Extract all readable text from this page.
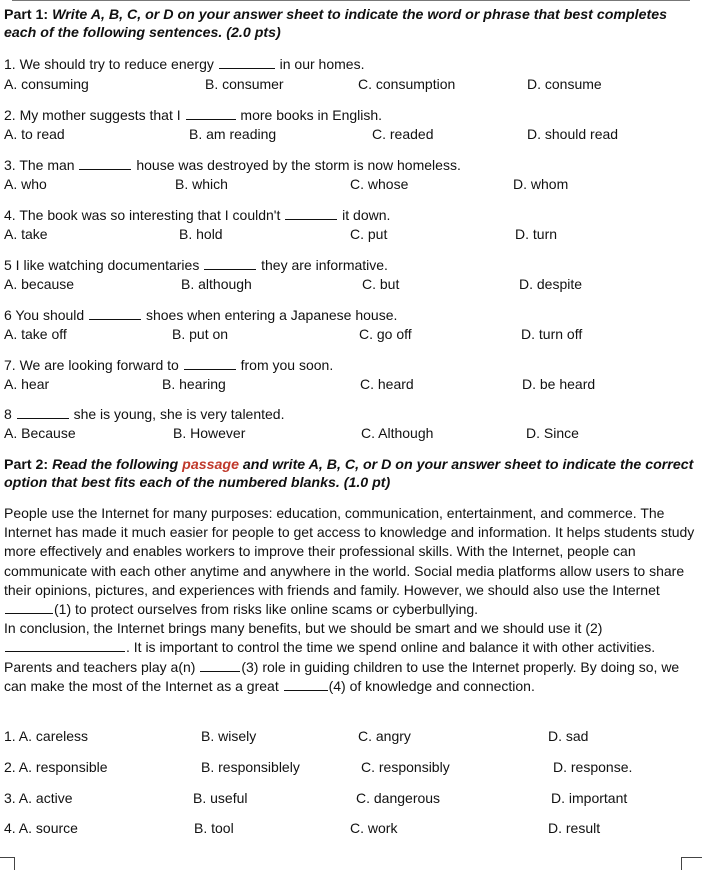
Part 1: Write A, B, C, or D on your answer sheet to indicate the word or phrase that best completes each of the following sentences. (2.0 pts)
1. We should try to reduce energy	in our homes.
A. consuming	B. consumer	C. consumption	D. consume
2. My mother suggests that I	more books in English.
A. to read	B. am reading	C. readed	D. should read
3. The man	house was destroyed by the storm is now homeless.
A. who	B. which	C. whose	D. whom
4. The book was so interesting that I couldn't	it down.
A. take	B. hold	C. put	D. turn
5 I like watching documentaries	they are informative.
A. because	B. although	C. but	D. despite
6 You should	shoes when entering a Japanese house.
A. take off	B. put on	C. go off	D. turn off
7. We are looking forward to	from you soon.
A. hear	B. hearing	C. heard	D. be heard
8	she is young, she is very talented.
A. Because	B. However	C. Although	D. Since
Part 2: Read the following passage and write A, B, C, or D on your answer sheet to indicate the correct option that best fits each of the numbered blanks. (1.0 pt)

People use the Internet for many purposes: education, communication, entertainment, and commerce. The Internet has made it much easier for people to get access to knowledge and information. It helps students study more effectively and enables workers to improve their professional skills. With the Internet, people can communicate with each other anytime and anywhere in the world. Social media platforms allow users to share their opinions, pictures, and experiences with friends and family. However, we should also use the Internet (1) to protect ourselves from risks like online scams or cyberbullying.

In conclusion, the Internet brings many benefits, but we should be smart and we should use it (2). It is important to control the time we spend online and balance it with other activities. Parents and teachers play a(n)	(3) role in guiding children to use the Internet properly. By doing so, we can make the most of the Internet as a great	(4) of knowledge and connection.

1. A. careless	B. wisely	C. angry	D. sad
2. A. responsible	B. responsiblely	C. responsibly	D. response.
3. A. active	B. useful	C. dangerous	D. important
4. A. source	B. tool	C. work	D. result
